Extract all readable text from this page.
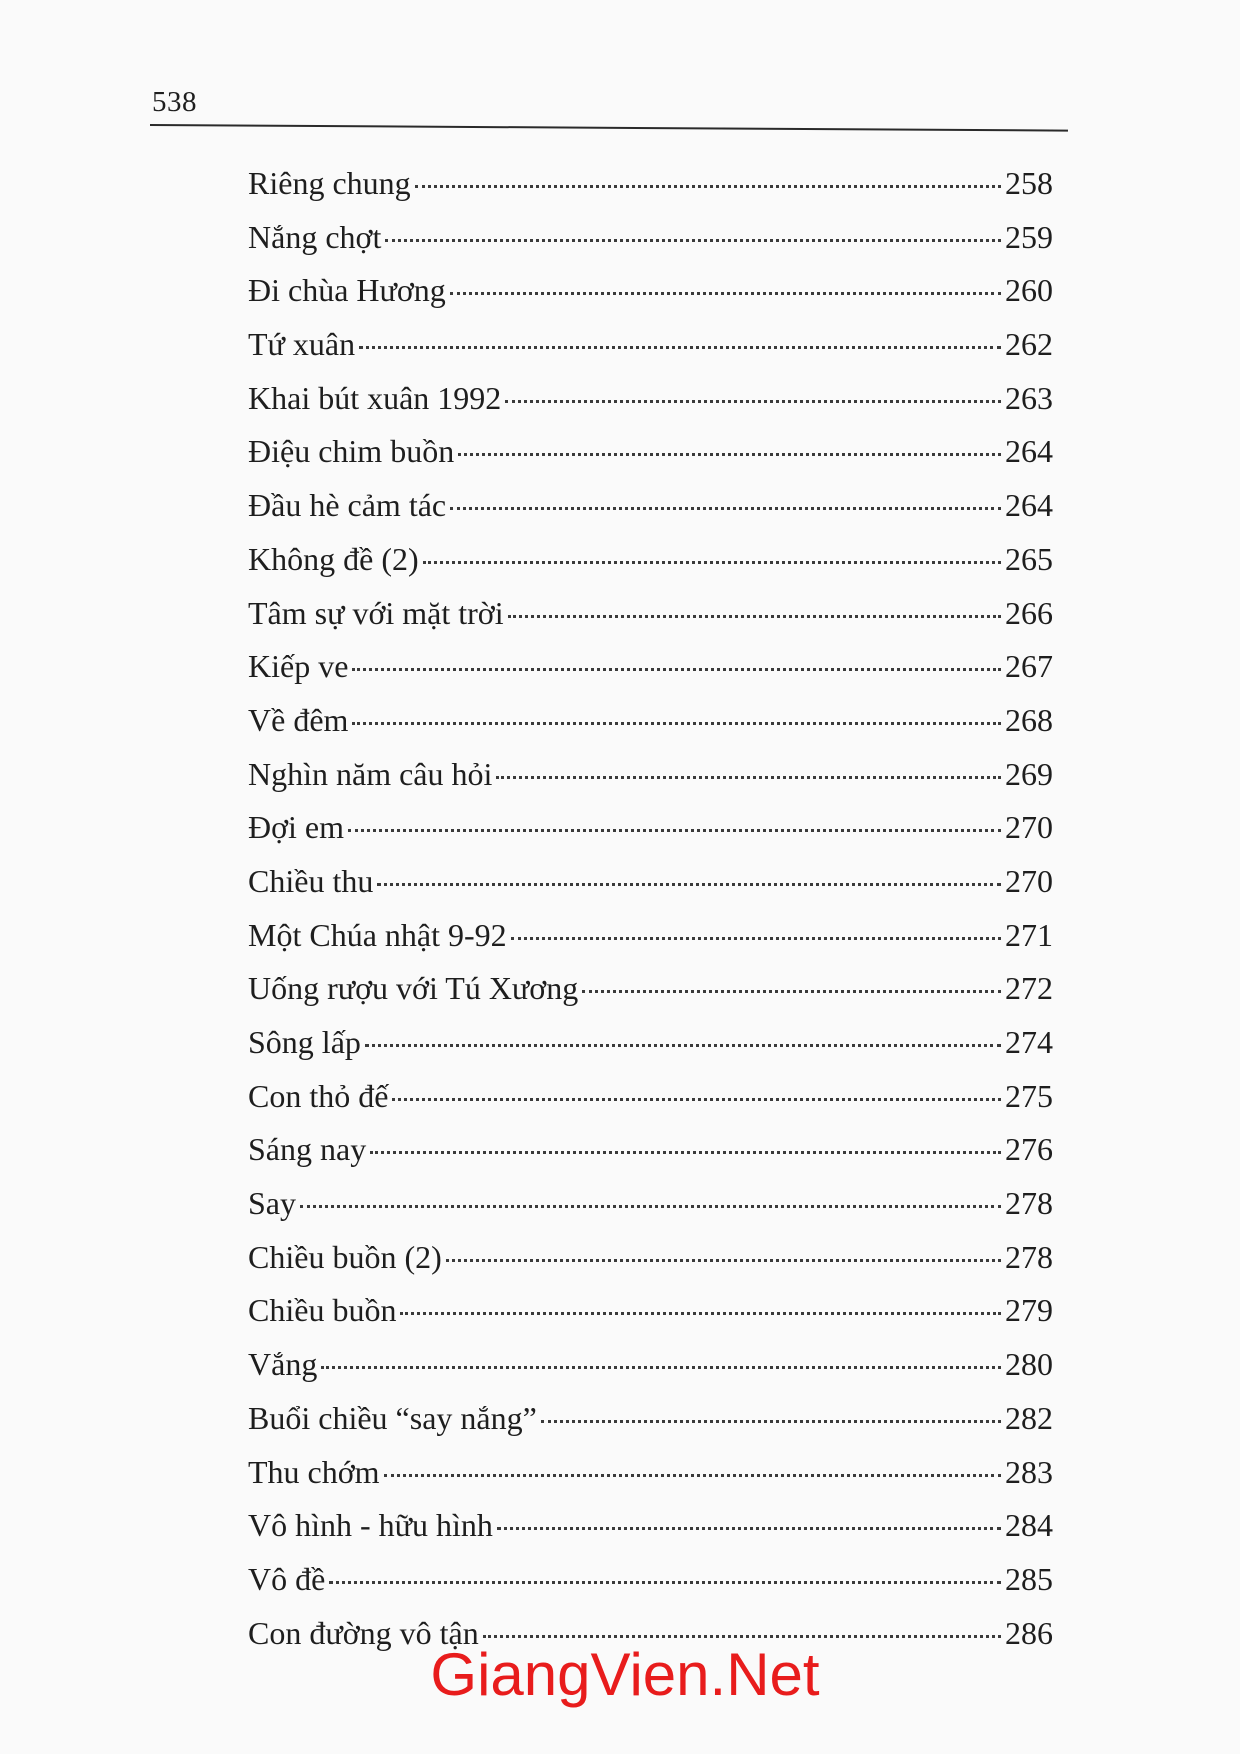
538
Riêng chung	258
Nắng chợt	259
Đi chùa Hương	260
Tứ xuân	262
Khai bút xuân 1992	263
Điệu chim buồn	264
Đầu hè cảm tác	264
Không đề (2)	265
Tâm sự với mặt trời	266
Kiếp ve	267
Về đêm	268
Nghìn năm câu hỏi	269
Đợi em	270
Chiều thu	270
Một Chúa nhật 9-92	271
Uống rượu với Tú Xương	272
Sông lấp	274
Con thỏ đế	275
Sáng nay	276
Say	278
Chiều buồn (2)	278
Chiều buồn	279
Vắng	280
Buổi chiều “say nắng”	282
Thu chớm	283
Vô hình - hữu hình	284
Vô đề	285
Con đường vô tận	286
GiangVien.Net
